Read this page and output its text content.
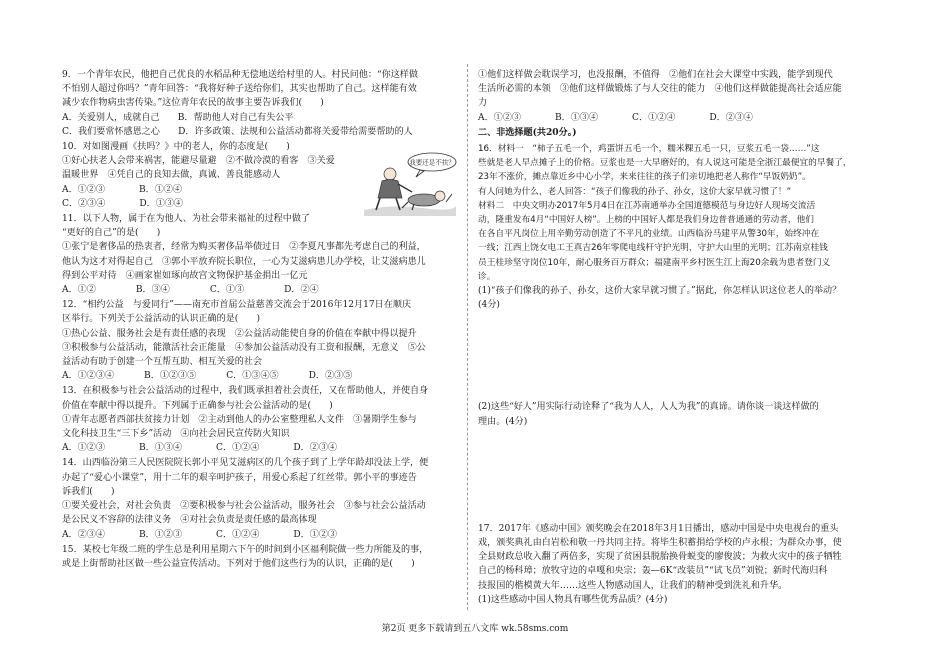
9．一个青年农民，他把自己优良的水稻品种无偿地送给村里的人。村民问他：“你这样做

不怕别人超过你吗？”青年回答：“我将好种子送给你们，其实也帮助了自己。这样能有效

减少农作物病虫害传染。”这位青年农民的故事主要告诉我们(　　)

A．关爱别人，成就自己　　B．帮助他人对自己有失公平

C．我们要常怀感恩之心　　D．许多政策、法规和公益活动都将关爱带给需要帮助的人

10．对如图漫画《扶吗？》中的老人，你的态度是(　　)

①好心扶老人会带来祸害，能避尽量避　②不做冷漠的看客　③关爱

温暖世界　④凭自己的良知去做，真诚、善良能感动人

A．①②③	B．①②④
C．②③④	D．①③④

11．以下人物，属于在为他人、为社会带来福祉的过程中做了

“更好的自己”的是(　　)

①张宁是奢侈品的热衷者，经常为购买奢侈品举债过日　②李夏凡事都先考虑自己的利益，

他认为这才对得起自己　③郭小平放弃院长职位，一心为艾滋病患儿办学校，让艾滋病患儿

得到公平对待　④画家崔如琢向故宫文物保护基金捐出一亿元

A．①②	B．③④	C．①③	D．②④

12．“相约公益　与爱同行”——南充市首届公益慈善交流会于2016年12月17日在顺庆

区举行。下列关于公益活动的认识正确的是(　　)

①热心公益、服务社会是有责任感的表现　②公益活动能使自身的价值在奉献中得以提升

③积极参与公益活动，能激活社会正能量　④参加公益活动没有工资和报酬，无意义　⑤公

益活动有助于创建一个互帮互助、相互关爱的社会

A．①②③④	B．①②③⑤	C．①③④⑤	D．②③⑤

13．在积极参与社会公益活动的过程中，我们既承担着社会责任，又在帮助他人，并使自身

价值在奉献中得以提升。下列属于正确参与社会公益活动的是(　　)

①青年志愿者西部扶贫接力计划　②主动到他人的办公室整理私人文件　③暑期学生参与

文化科技卫生“三下乡”活动　④向社会居民宣传防火知识

A．①②③	B．①③④	C．①②④	D．②③④

14．山西临汾第三人民医院院长郭小平见艾滋病区的几个孩子到了上学年龄却没法上学，便

办起了“爱心小课堂”，用十二年的艰辛呵护孩子，用爱心系起了红丝带。郭小平的事迹告

诉我们(　　)

①要关爱社会，对社会负责　②要积极参与社会公益活动，服务社会　③参与社会公益活动

是公民义不容辞的法律义务　④对社会负责是责任感的最高体现

A．②③④	B．①②③	C．①②④	D．①②③

15．某校七年级二班的学生总是利用星期六下午的时间到小区福利院做一些力所能及的事，

或是上街帮助社区做一些公益宣传活动。下列对于他们这些行为的认识，正确的是(　　)

我要还是不扶？

①他们这样做会耽误学习，也没报酬，不值得　②他们在社会大课堂中实践，能学到现代

生活所必需的本领　③他们这样做锻炼了与人交往的能力　④他们这样做能提高社会适应能

力

A．①②③	B．①③④	C．①②④	D．②③④

二、非选择题(共20分。)

16．材料一　“柿子五毛一个，鸡蛋饼五毛一个，糯米粿五毛一只，豆浆五毛一袋……”这

些就是老人早点摊子上的价格。豆浆也是一大早磨好的，有人说这可能是全浙江最便宜的早餐了，

23年不涨价，摊点靠近乡中心小学，来来往往的孩子们亲切地把老人称作“早饭奶奶”。

有人问她为什么，老人回答：“孩子们像我的孙子、孙女，这价大家早就习惯了！”

材料二　中央文明办2017年5月4日在江苏南通举办全国道德模范与身边好人现场交流活

动，隆重发布4月“中国好人榜”。上榜的中国好人都是我们身边普普通通的劳动者，他们

在各自平凡岗位上用辛勤劳动创造了不平凡的业绩。山西临汾马建平从警30年，始终冲在

一线；江西上饶女电工王真吉26年零爬电线杆守护光明，守护大山里的光明；江苏南京桂钱

员王桂珍坚守岗位10年，耐心服务百万群众；福建南平乡村医生江上海20余载为患者登门义

诊。

(1)“孩子们像我的孙子、孙女，这价大家早就习惯了。”据此，你怎样认识这位老人的举动？

(4分)

(2)这些“好人”用实际行动诠释了“我为人人，人人为我”的真谛。请你谈一谈这样做的

理由。(4分)

17．2017年《感动中国》颁奖晚会在2018年3月1日播出，感动中国是中央电视台的重头

戏，颁奖典礼由白岩松和敬一丹共同主持。将毕生积蓄捐给学校的卢永根；为群众办事，使

全县财政总收入翻了两倍多，实现了贫困县脱胎换骨蜕变的廖俊波；为救火灾中的孩子牺牲

自己的杨科璋；放牧守边的卓嘎和央宗；轰—6K“改装员”“试飞员”刘锐；新时代海归科

技报国的楷模黄大年……这些人物感动国人，让我们的精神受到洗礼和升华。

(1)这些感动中国人物具有哪些优秀品质？(4分)

第2页 更多下载请到五八文库 wk.58sms.com
